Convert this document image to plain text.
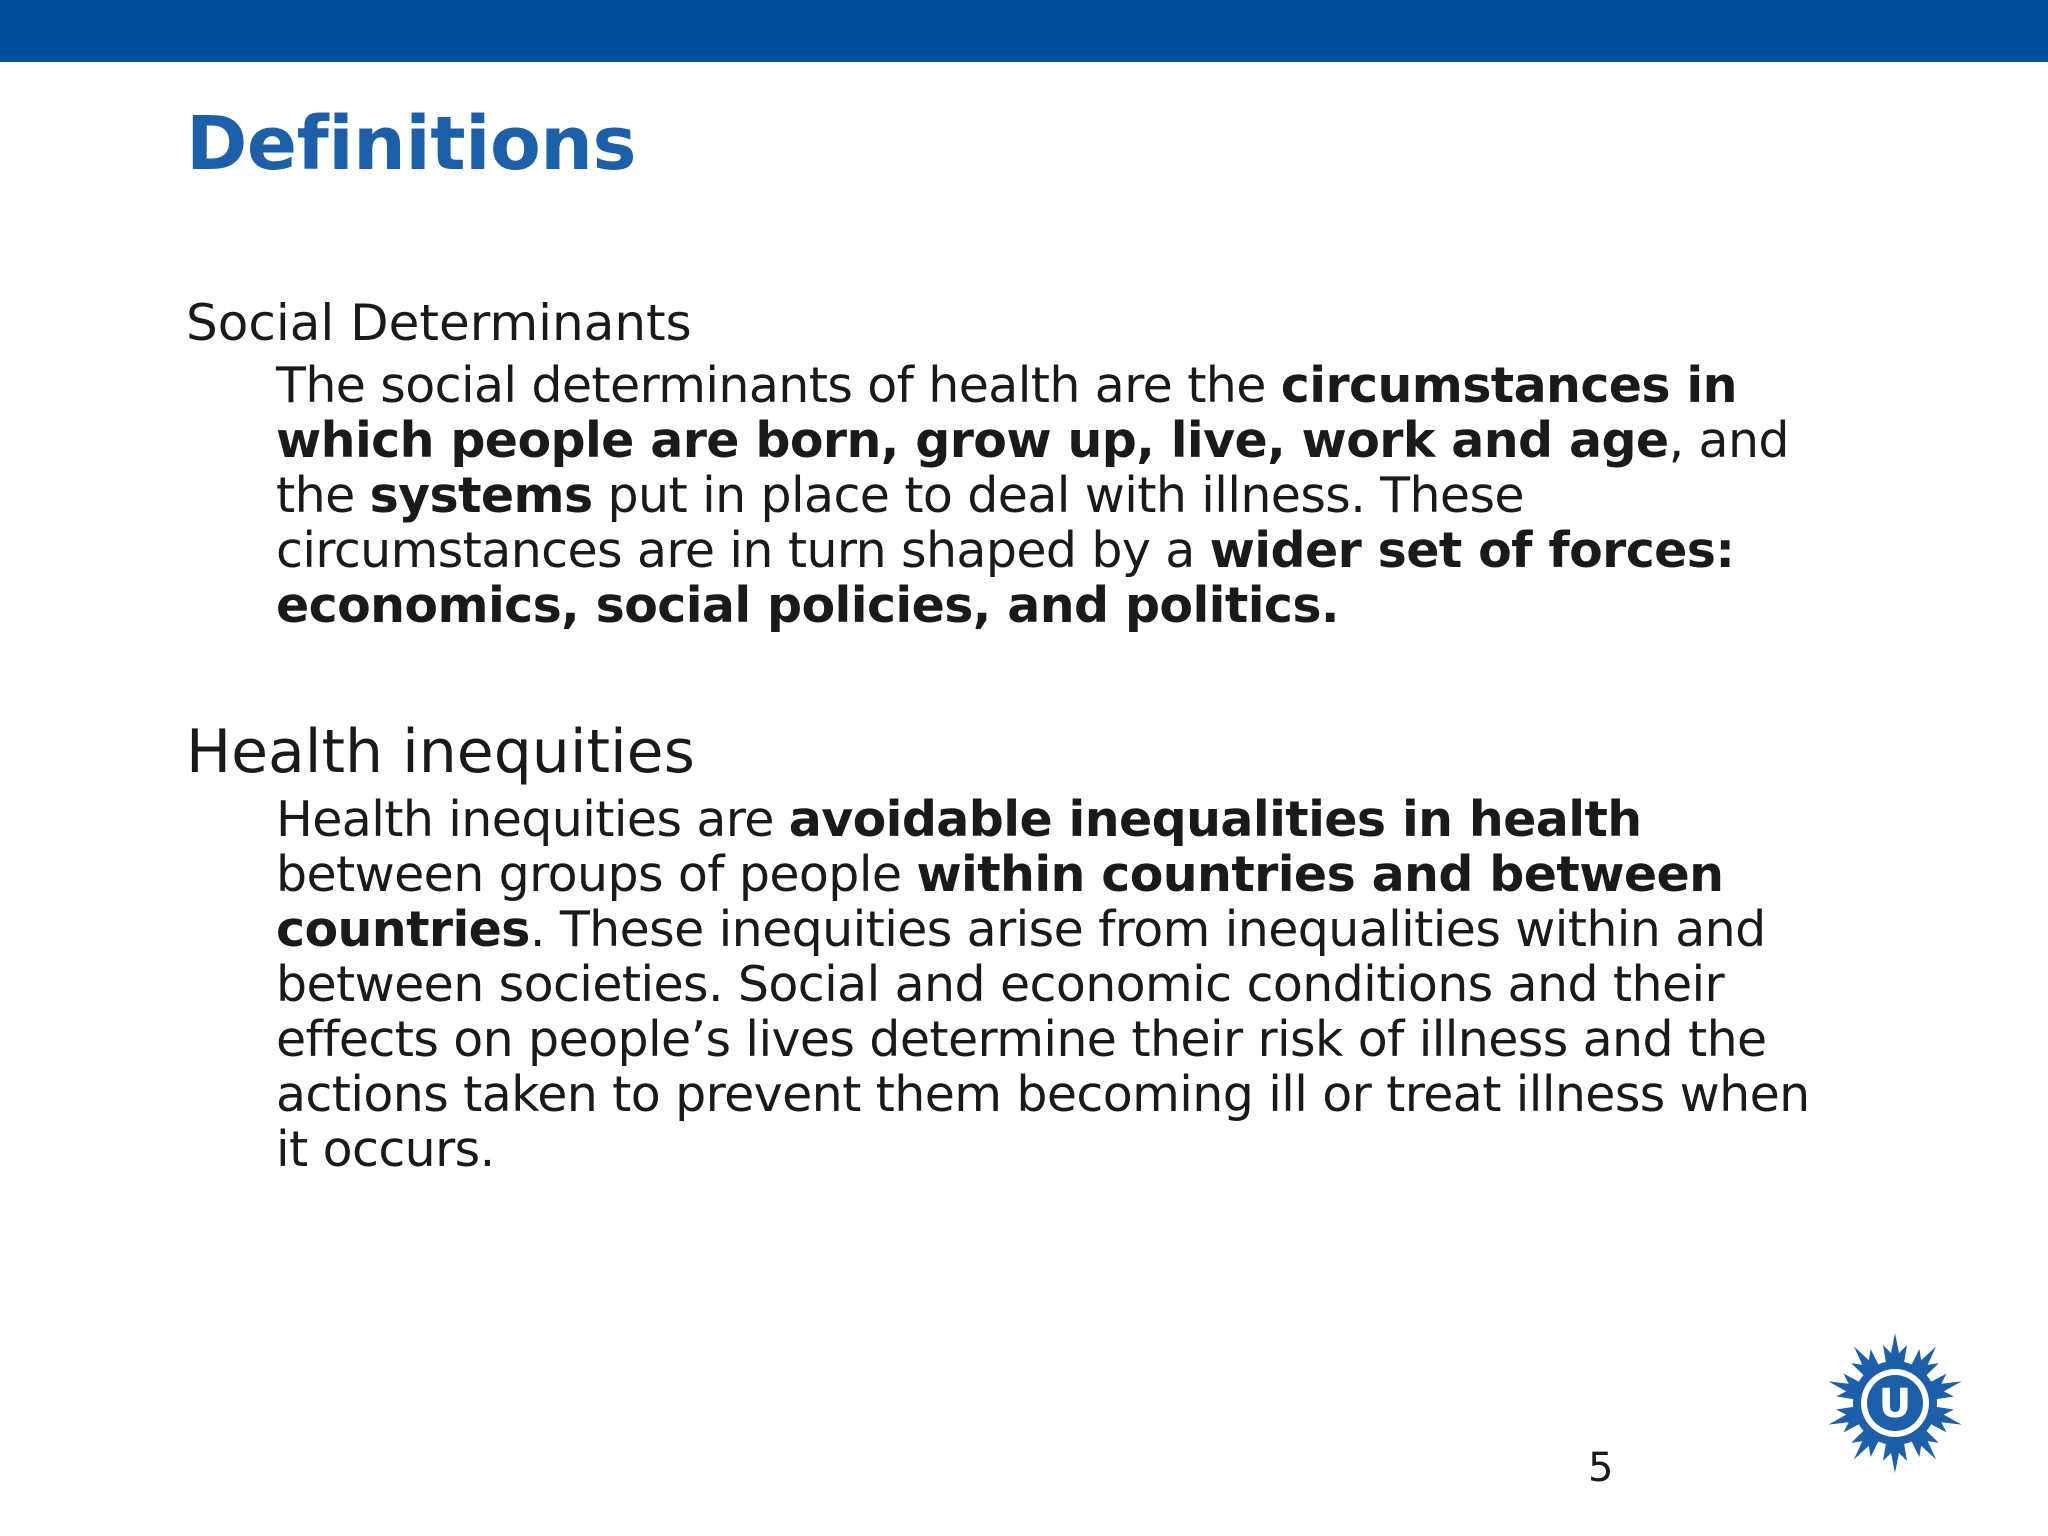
Definitions
Social Determinants

The social determinants of health are the circumstances in which people are born, grow up, live, work and age, and the systems put in place to deal with illness. These circumstances are in turn shaped by a wider set of forces: economics, social policies, and politics.

Health inequities

Health inequities are avoidable inequalities in health between groups of people within countries and between countries. These inequities arise from inequalities within and between societies. Social and economic conditions and their effects on people’s lives determine their risk of illness and the actions taken to prevent them becoming ill or treat illness when it occurs.

5
U
